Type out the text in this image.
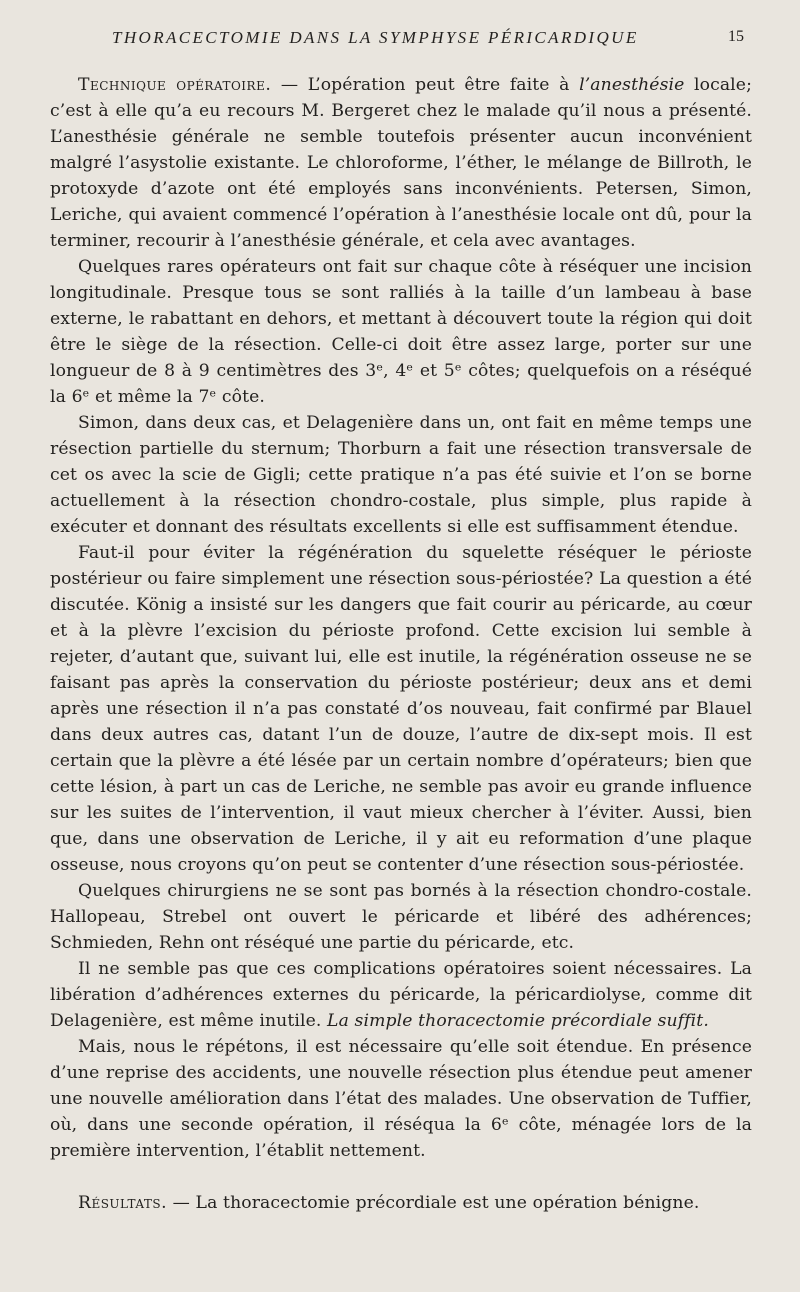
THORACECTOMIE DANS LA SYMPHYSE PÉRICARDIQUE	15

Technique opératoire. — L’opération peut être faite à l’anesthésie locale; c’est à elle qu’a eu recours M. Bergeret chez le malade qu’il nous a présenté. L’anesthésie générale ne semble toutefois présenter aucun inconvénient malgré l’asystolie existante. Le chloroforme, l’éther, le mélange de Billroth, le protoxyde d’azote ont été employés sans inconvénients. Petersen, Simon, Leriche, qui avaient commencé l’opération à l’anesthésie locale ont dû, pour la terminer, recourir à l’anesthésie générale, et cela avec avantages.

Quelques rares opérateurs ont fait sur chaque côte à réséquer une incision longitudinale. Presque tous se sont ralliés à la taille d’un lambeau à base externe, le rabattant en dehors, et mettant à découvert toute la région qui doit être le siège de la résection. Celle-ci doit être assez large, porter sur une longueur de 8 à 9 centimètres des 3ᵉ, 4ᵉ et 5ᵉ côtes; quelquefois on a réséqué la 6ᵉ et même la 7ᵉ côte.

Simon, dans deux cas, et Delagenière dans un, ont fait en même temps une résection partielle du sternum; Thorburn a fait une résection transversale de cet os avec la scie de Gigli; cette pratique n’a pas été suivie et l’on se borne actuellement à la résection chondro-costale, plus simple, plus rapide à exécuter et donnant des résultats excellents si elle est suffisamment étendue.

Faut-il pour éviter la régénération du squelette réséquer le périoste postérieur ou faire simplement une résection sous-périostée? La question a été discutée. König a insisté sur les dangers que fait courir au péricarde, au cœur et à la plèvre l’excision du périoste profond. Cette excision lui semble à rejeter, d’autant que, suivant lui, elle est inutile, la régénération osseuse ne se faisant pas après la conservation du périoste postérieur; deux ans et demi après une résection il n’a pas constaté d’os nouveau, fait confirmé par Blauel dans deux autres cas, datant l’un de douze, l’autre de dix-sept mois. Il est certain que la plèvre a été lésée par un certain nombre d’opérateurs; bien que cette lésion, à part un cas de Leriche, ne semble pas avoir eu grande influence sur les suites de l’intervention, il vaut mieux chercher à l’éviter. Aussi, bien que, dans une observation de Leriche, il y ait eu reformation d’une plaque osseuse, nous croyons qu’on peut se contenter d’une résection sous-périostée.

Quelques chirurgiens ne se sont pas bornés à la résection chondro-costale. Hallopeau, Strebel ont ouvert le péricarde et libéré des adhérences; Schmieden, Rehn ont réséqué une partie du péricarde, etc.

Il ne semble pas que ces complications opératoires soient nécessaires. La libération d’adhérences externes du péricarde, la péricardiolyse, comme dit Delagenière, est même inutile. La simple thoracectomie précordiale suffit.

Mais, nous le répétons, il est nécessaire qu’elle soit étendue. En présence d’une reprise des accidents, une nouvelle résection plus étendue peut amener une nouvelle amélioration dans l’état des malades. Une observation de Tuffier, où, dans une seconde opération, il réséqua la 6ᵉ côte, ménagée lors de la première intervention, l’établit nettement.

Résultats. — La thoracectomie précordiale est une opération bénigne.
